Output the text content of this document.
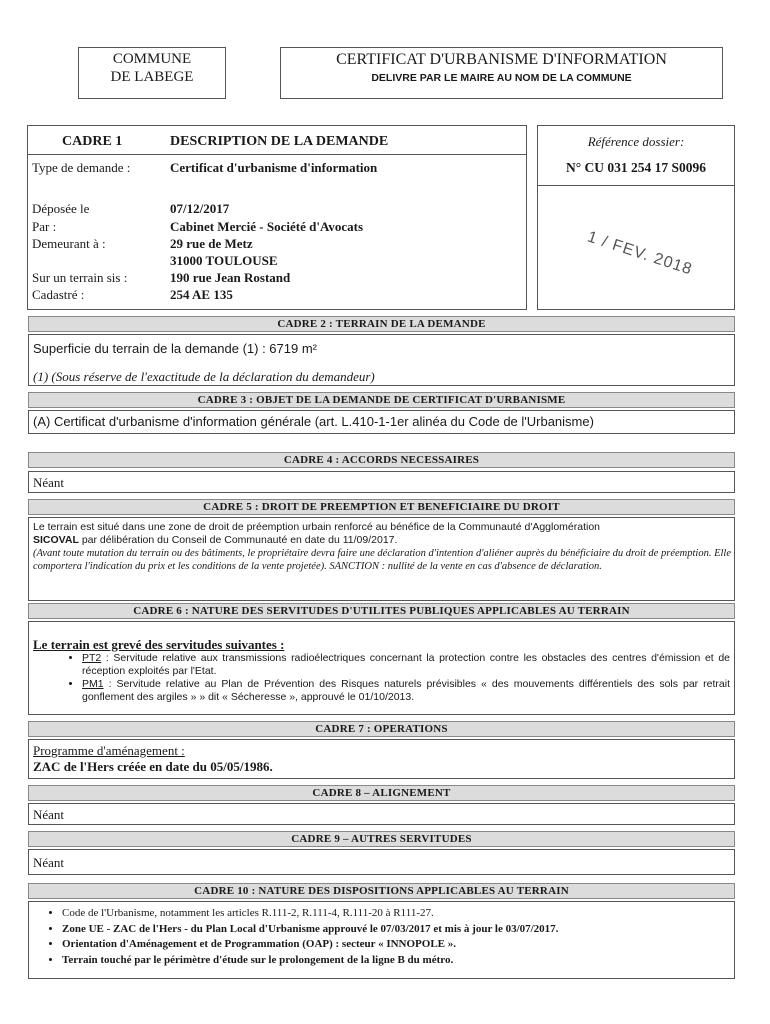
COMMUNE
DE LABEGE
CERTIFICAT D'URBANISME D'INFORMATION
DELIVRE PAR LE MAIRE AU NOM DE LA COMMUNE
CADRE 1	DESCRIPTION DE LA DEMANDE
Type de demande :	Certificat d'urbanisme d'information
Déposée le	07/12/2017
Par :	Cabinet Mercié - Société d'Avocats
Demeurant à :	29 rue de Metz
31000 TOULOUSE
Sur un terrain sis :	190 rue Jean Rostand
Cadastré :	254 AE 135
Référence dossier:
N° CU 031 254 17 S0096
1 / FEV. 2018
CADRE 2 : TERRAIN DE LA DEMANDE
Superficie du terrain de la demande (1) : 6719 m²
(1) (Sous réserve de l'exactitude de la déclaration du demandeur)
CADRE 3 : OBJET DE LA DEMANDE DE CERTIFICAT D'URBANISME
(A) Certificat d'urbanisme d'information générale (art. L.410-1-1er alinéa du Code de l'Urbanisme)
CADRE 4 : ACCORDS NECESSAIRES
Néant
CADRE 5 : DROIT DE PREEMPTION ET BENEFICIAIRE DU DROIT
Le terrain est situé dans une zone de droit de préemption urbain renforcé au bénéfice de la Communauté d'Agglomération
SICOVAL par délibération du Conseil de Communauté en date du 11/09/2017.
(Avant toute mutation du terrain ou des bâtiments, le propriétaire devra faire une déclaration d'intention d'aliéner auprès du bénéficiaire du droit de préemption. Elle comportera l'indication du prix et les conditions de la vente projetée). SANCTION : nullité de la vente en cas d'absence de déclaration.
CADRE 6 : NATURE DES SERVITUDES D'UTILITES PUBLIQUES APPLICABLES AU TERRAIN
Le terrain est grevé des servitudes suivantes :
• PT2 : Servitude relative aux transmissions radioélectriques concernant la protection contre les obstacles des centres d'émission et de réception exploités par l'Etat.
• PM1 : Servitude relative au Plan de Prévention des Risques naturels prévisibles « des mouvements différentiels des sols par retrait gonflement des argiles » » dit « Sécheresse », approuvé le 01/10/2013.
CADRE 7 : OPERATIONS
Programme d'aménagement :
ZAC de l'Hers créée en date du 05/05/1986.
CADRE 8 – ALIGNEMENT
Néant
CADRE 9 – AUTRES SERVITUDES
Néant
CADRE 10 : NATURE DES DISPOSITIONS APPLICABLES AU TERRAIN
• Code de l'Urbanisme, notamment les articles R.111-2, R.111-4, R.111-20 à R111-27.
• Zone UE - ZAC de l'Hers - du Plan Local d'Urbanisme approuvé le 07/03/2017 et mis à jour le 03/07/2017.
• Orientation d'Aménagement et de Programmation (OAP) : secteur « INNOPOLE ».
• Terrain touché par le périmètre d'étude sur le prolongement de la ligne B du métro.
